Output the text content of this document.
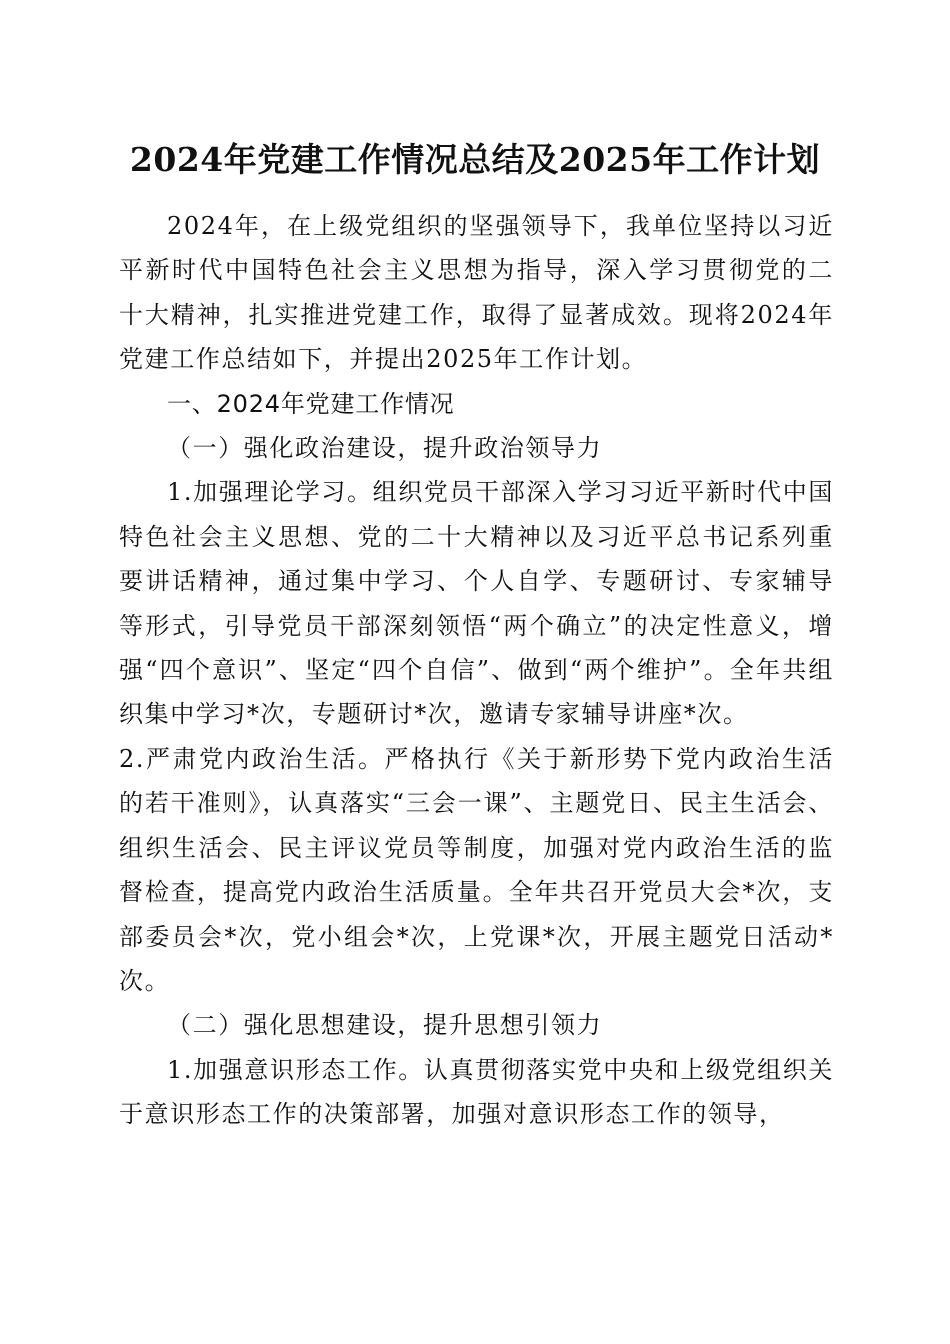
2024年党建工作情况总结及2025年工作计划

2024年，在上级党组织的坚强领导下，我单位坚持以习近平新时代中国特色社会主义思想为指导，深入学习贯彻党的二十大精神，扎实推进党建工作，取得了显著成效。现将2024年党建工作总结如下，并提出2025年工作计划。

一、2024年党建工作情况

（一）强化政治建设，提升政治领导力

1.加强理论学习。组织党员干部深入学习习近平新时代中国特色社会主义思想、党的二十大精神以及习近平总书记系列重要讲话精神，通过集中学习、个人自学、专题研讨、专家辅导等形式，引导党员干部深刻领悟“两个确立”的决定性意义，增强“四个意识”、坚定“四个自信”、做到“两个维护”。全年共组织集中学习*次，专题研讨*次，邀请专家辅导讲座*次。

2.严肃党内政治生活。严格执行《关于新形势下党内政治生活的若干准则》，认真落实“三会一课”、主题党日、民主生活会、组织生活会、民主评议党员等制度，加强对党内政治生活的监督检查，提高党内政治生活质量。全年共召开党员大会*次，支部委员会*次，党小组会*次，上党课*次，开展主题党日活动*次。

（二）强化思想建设，提升思想引领力

1.加强意识形态工作。认真贯彻落实党中央和上级党组织关于意识形态工作的决策部署，加强对意识形态工作的领导，
